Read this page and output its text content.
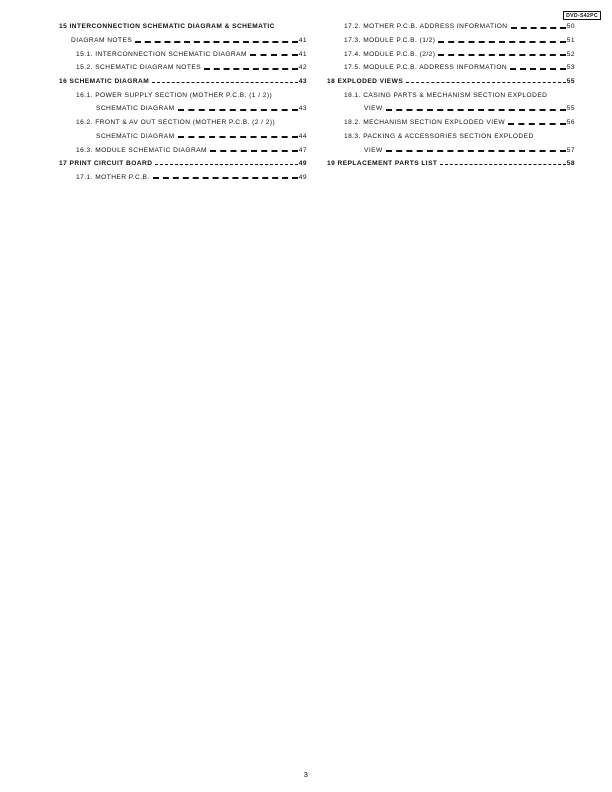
DVD-S42PC
15 INTERCONNECTION SCHEMATIC DIAGRAM & SCHEMATIC
DIAGRAM NOTES	41
15.1. INTERCONNECTION SCHEMATIC DIAGRAM	41
15.2. SCHEMATIC DIAGRAM NOTES	42
16 SCHEMATIC DIAGRAM	43
16.1. POWER SUPPLY SECTION (MOTHER P.C.B. (1 / 2))
SCHEMATIC DIAGRAM	43
16.2. FRONT & AV OUT SECTION (MOTHER P.C.B. (2 / 2))
SCHEMATIC DIAGRAM	44
16.3. MODULE SCHEMATIC DIAGRAM	47
17 PRINT CIRCUIT BOARD	49
17.1. MOTHER P.C.B.	49
17.2. MOTHER P.C.B. ADDRESS INFORMATION	50
17.3. MODULE P.C.B. (1/2)	51
17.4. MODULE P.C.B. (2/2)	52
17.5. MODULE P.C.B. ADDRESS INFORMATION	53
18 EXPLODED VIEWS	55
18.1. CASING PARTS & MECHANISM SECTION EXPLODED
VIEW	55
18.2. MECHANISM SECTION EXPLODED VIEW	56
18.3. PACKING & ACCESSORIES SECTION EXPLODED
VIEW	57
19 REPLACEMENT PARTS LIST	58
3
